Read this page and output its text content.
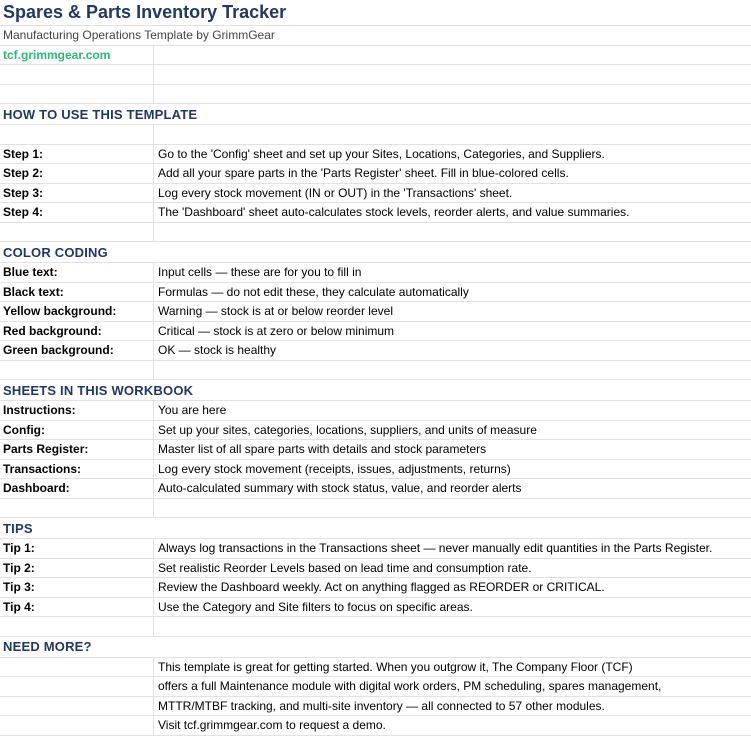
Spares & Parts Inventory Tracker
Manufacturing Operations Template by GrimmGear
tcf.grimmgear.com
HOW TO USE THIS TEMPLATE
Step 1:	Go to the 'Config' sheet and set up your Sites, Locations, Categories, and Suppliers.
Step 2:	Add all your spare parts in the 'Parts Register' sheet. Fill in blue-colored cells.
Step 3:	Log every stock movement (IN or OUT) in the 'Transactions' sheet.
Step 4:	The 'Dashboard' sheet auto-calculates stock levels, reorder alerts, and value summaries.
COLOR CODING
Blue text:	Input cells — these are for you to fill in
Black text:	Formulas — do not edit these, they calculate automatically
Yellow background:	Warning — stock is at or below reorder level
Red background:	Critical — stock is at zero or below minimum
Green background:	OK — stock is healthy
SHEETS IN THIS WORKBOOK
Instructions:	You are here
Config:	Set up your sites, categories, locations, suppliers, and units of measure
Parts Register:	Master list of all spare parts with details and stock parameters
Transactions:	Log every stock movement (receipts, issues, adjustments, returns)
Dashboard:	Auto-calculated summary with stock status, value, and reorder alerts
TIPS
Tip 1:	Always log transactions in the Transactions sheet — never manually edit quantities in the Parts Register.
Tip 2:	Set realistic Reorder Levels based on lead time and consumption rate.
Tip 3:	Review the Dashboard weekly. Act on anything flagged as REORDER or CRITICAL.
Tip 4:	Use the Category and Site filters to focus on specific areas.
NEED MORE?
This template is great for getting started. When you outgrow it, The Company Floor (TCF)
offers a full Maintenance module with digital work orders, PM scheduling, spares management,
MTTR/MTBF tracking, and multi-site inventory — all connected to 57 other modules.
Visit tcf.grimmgear.com to request a demo.
